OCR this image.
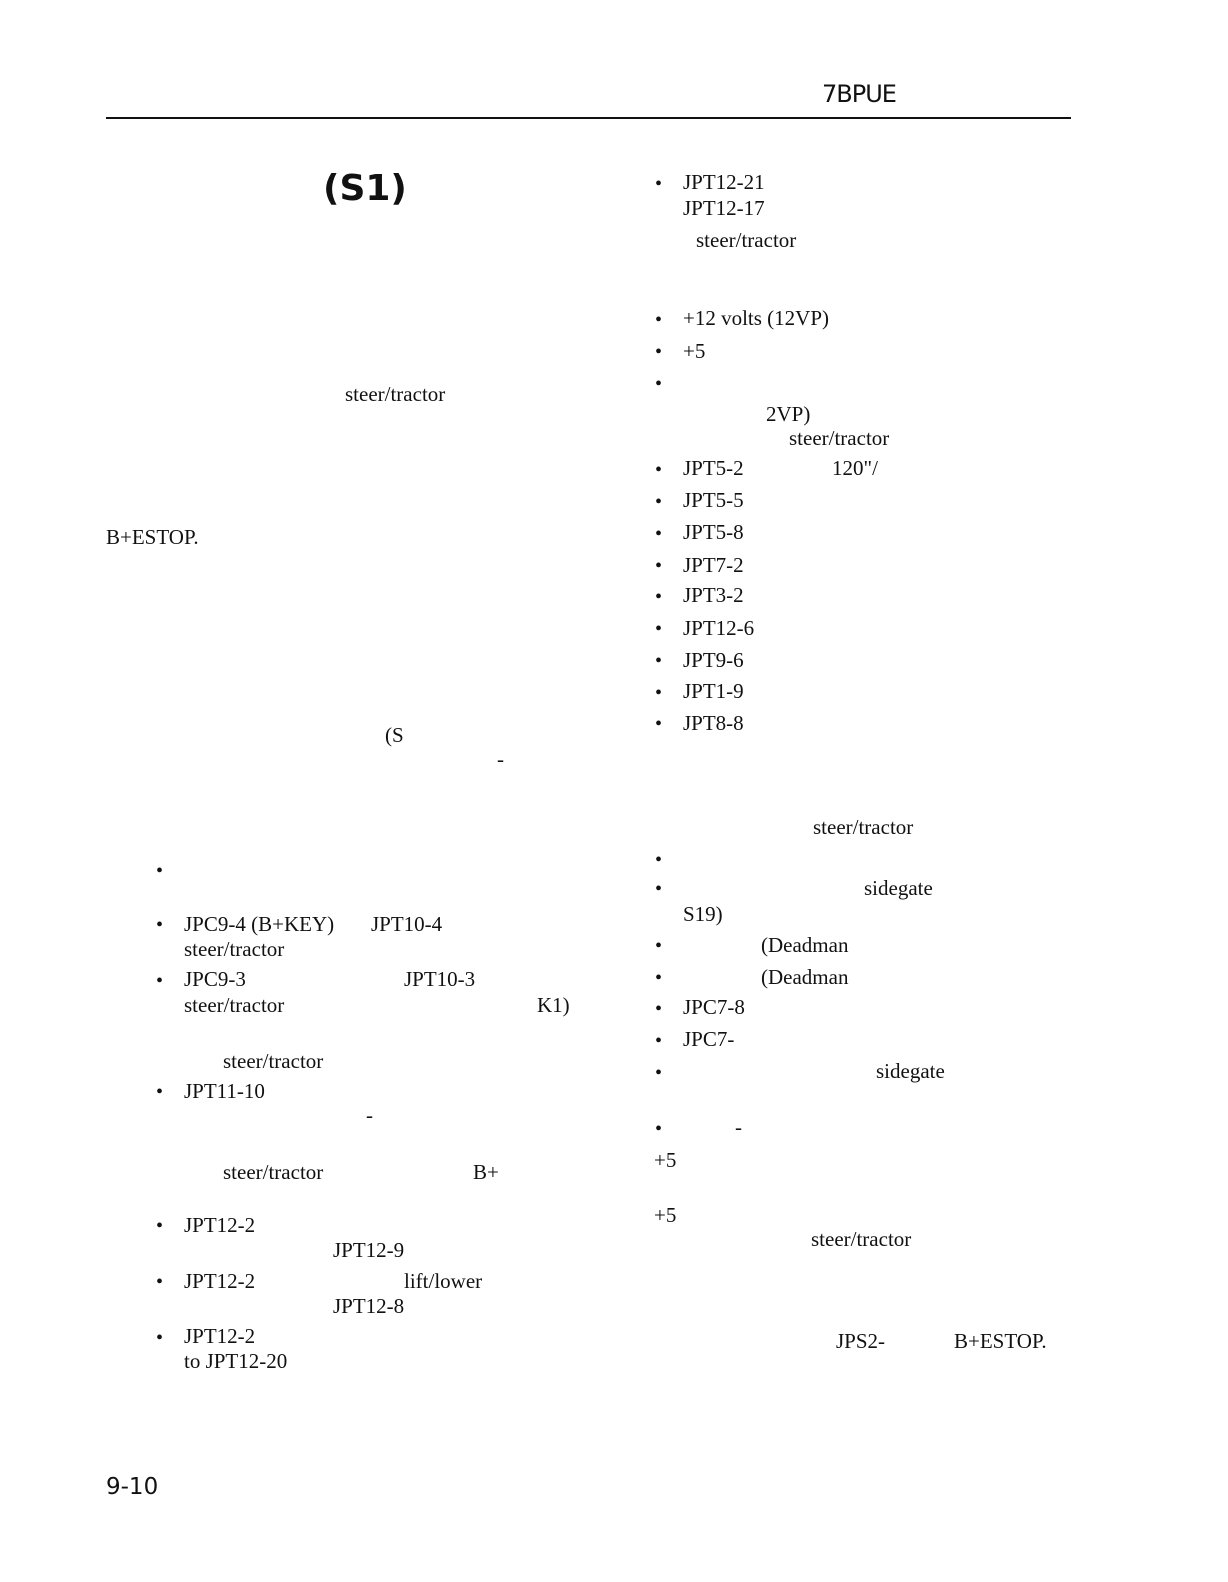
7BPUE
(S1)
steer/tractor
B+ESTOP.
(S
-
•
• JPC9-4 (B+KEY) JPT10-4
steer/tractor
• JPC9-3	JPT10-3
steer/tractor	K1)
steer/tractor
• JPT11-10
-
steer/tractor	B+
• JPT12-2
JPT12-9
• JPT12-2	lift/lower
JPT12-8
• JPT12-2
to JPT12-20
9-10
• JPT12-21
JPT12-17
steer/tractor
• +12 volts (12VP)
• +5
•
2VP)
steer/tractor
• JPT5-2	120"/
• JPT5-5
• JPT5-8
• JPT7-2
• JPT3-2
• JPT12-6
• JPT9-6
• JPT1-9
• JPT8-8
steer/tractor
•
•	sidegate
S19)
•	(Deadman
•	(Deadman
• JPC7-8
• JPC7-
•	sidegate
•	-
+5
+5
steer/tractor
JPS2-	B+ESTOP.
